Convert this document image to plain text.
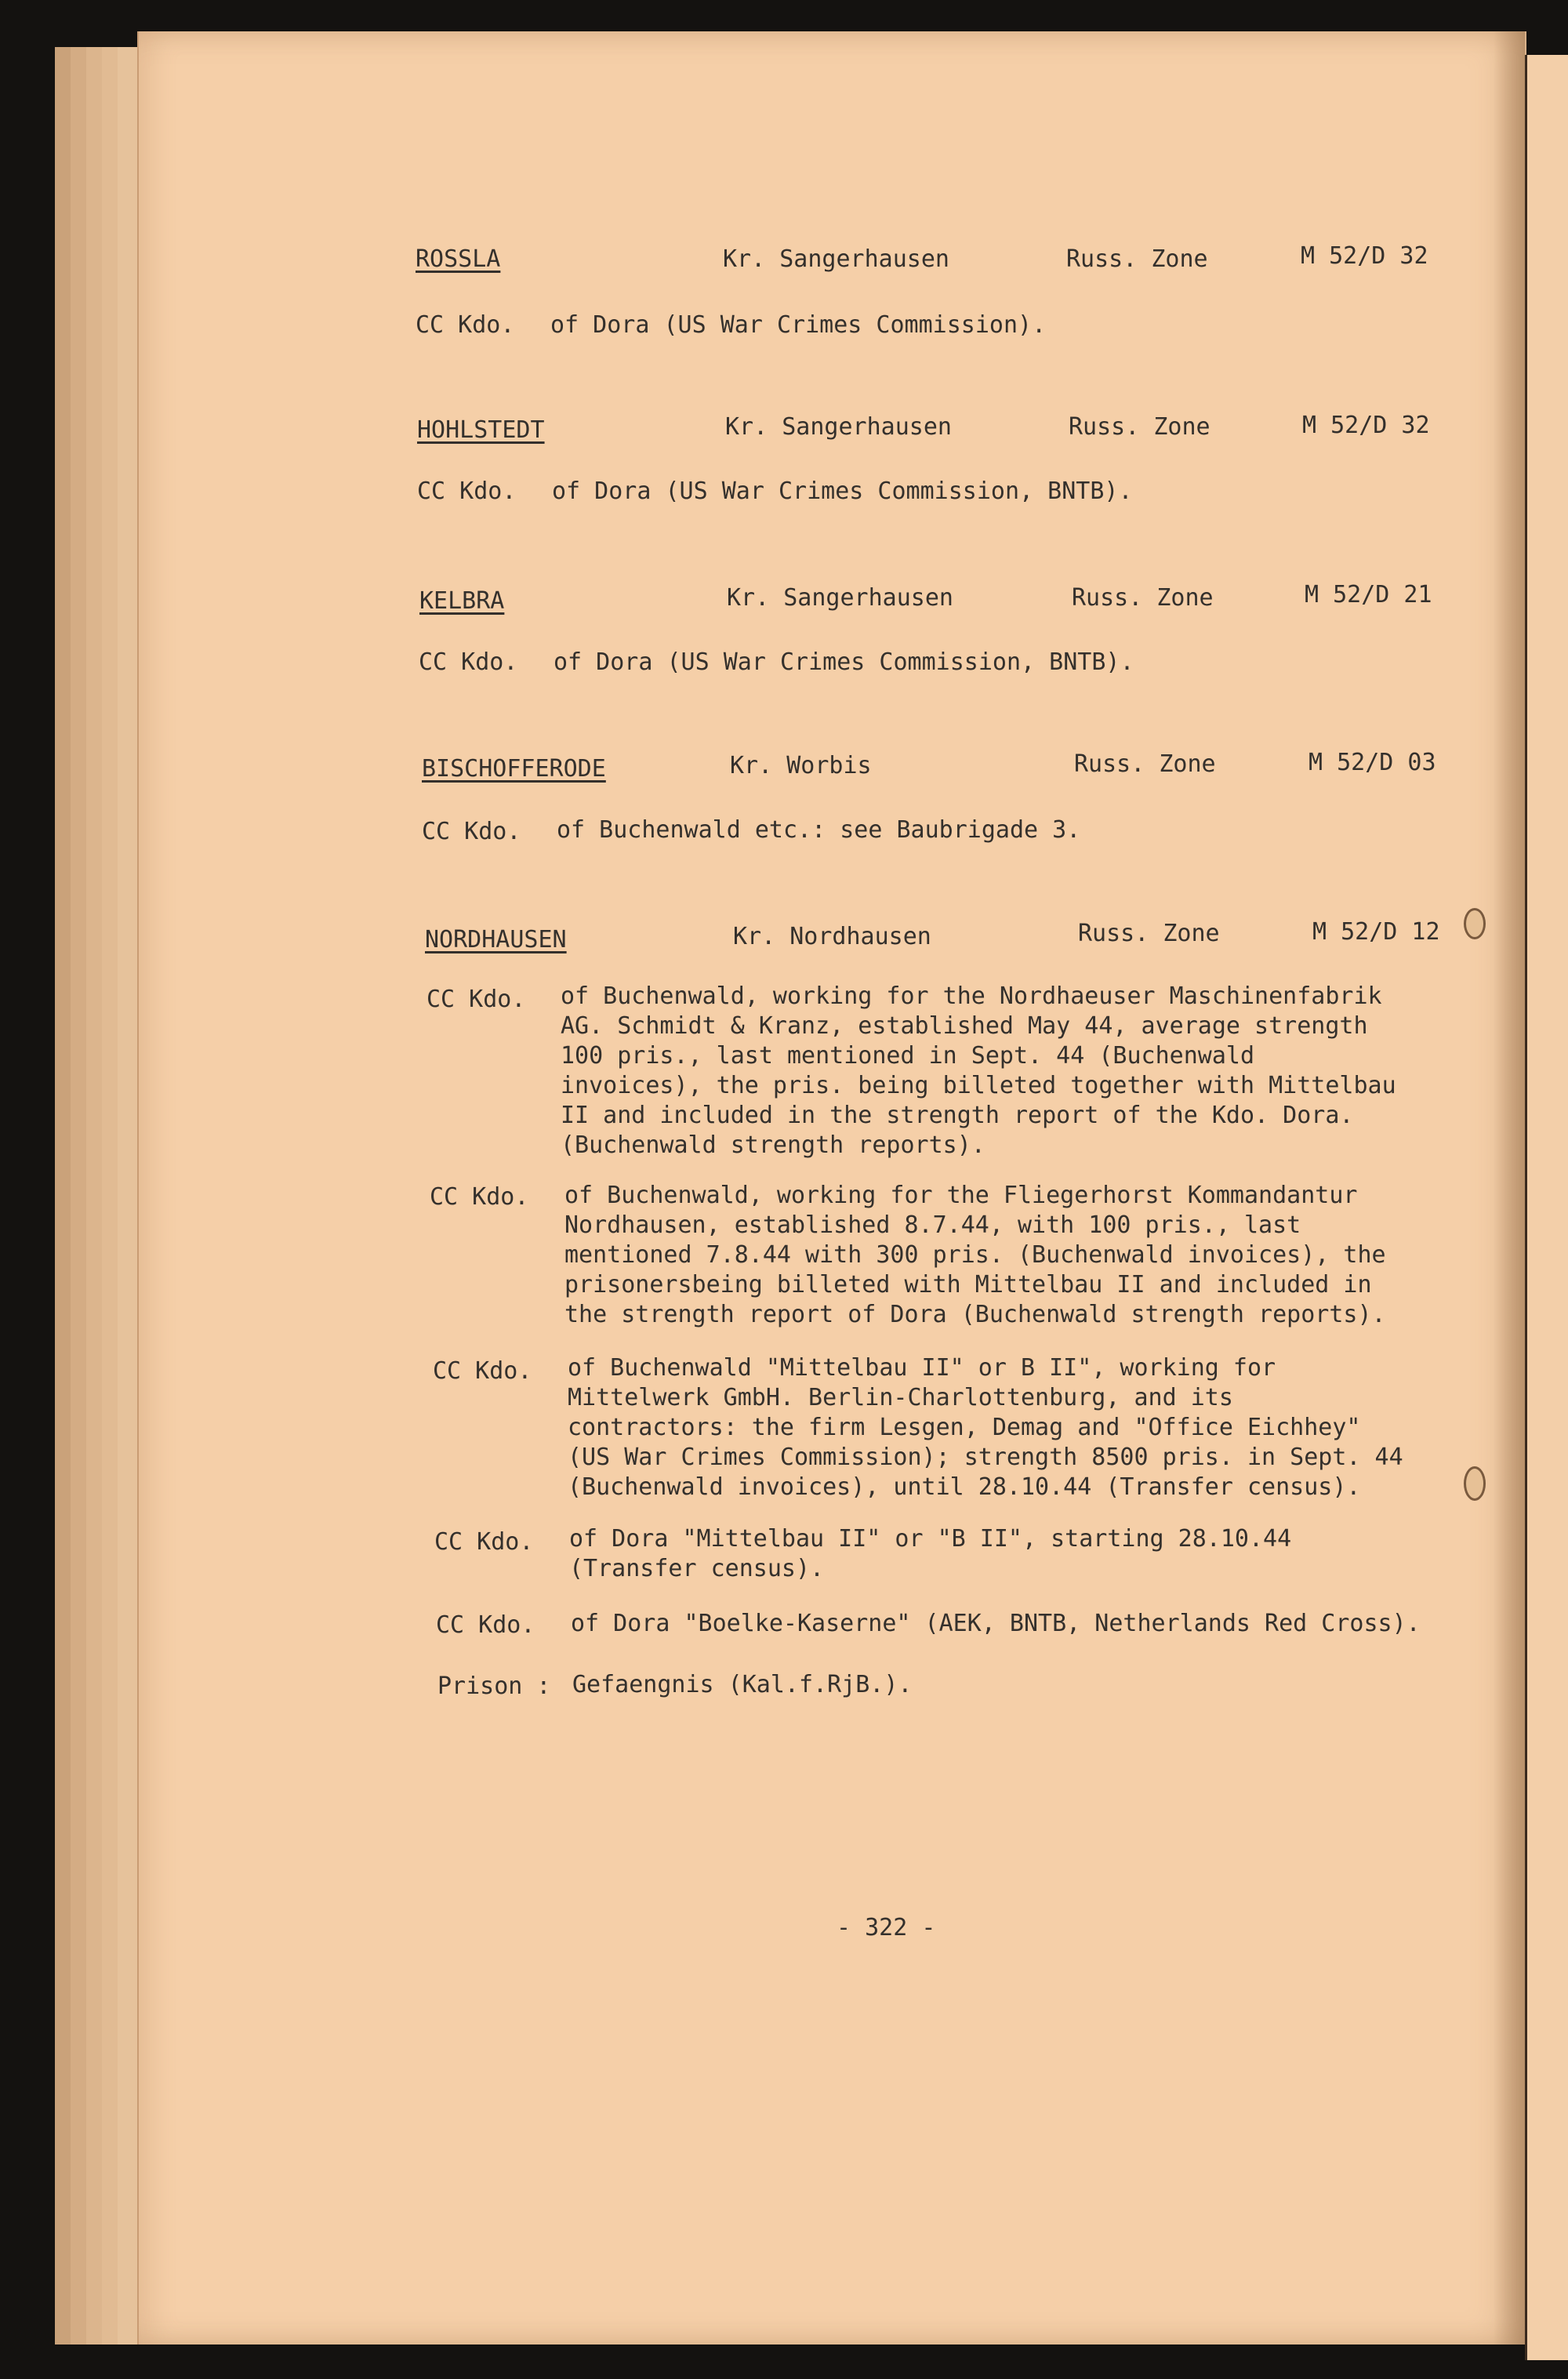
ROSSLA	Kr. Sangerhausen	Russ. Zone	M 52/D 32
CC Kdo. of Dora (US War Crimes Commission).
HOHLSTEDT	Kr. Sangerhausen	Russ. Zone	M 52/D 32
CC Kdo. of Dora (US War Crimes Commission, BNTB).
KELBRA	Kr. Sangerhausen	Russ. Zone	M 52/D 21
CC Kdo. of Dora (US War Crimes Commission, BNTB).
BISCHOFFERODE	Kr. Worbis	Russ. Zone	M 52/D 03
CC Kdo. of Buchenwald etc.: see Baubrigade 3.
NORDHAUSEN	Kr. Nordhausen	Russ. Zone	M 52/D 12
CC Kdo. of Buchenwald, working for the Nordhaeuser Maschinenfabrik AG. Schmidt & Kranz, established May 44, average strength 100 pris., last mentioned in Sept. 44 (Buchenwald invoices), the pris. being billeted together with Mittelbau II and included in the strength report of the Kdo. Dora. (Buchenwald strength reports).
CC Kdo. of Buchenwald, working for the Fliegerhorst Kommandantur Nordhausen, established 8.7.44, with 100 pris., last mentioned 7.8.44 with 300 pris. (Buchenwald invoices), the prisonersbeing billeted with Mittelbau II and included in the strength report of Dora (Buchenwald strength reports).
CC Kdo. of Buchenwald "Mittelbau II" or B II", working for Mittelwerk GmbH. Berlin-Charlottenburg, and its contractors: the firm Lesgen, Demag and "Office Eichhey" (US War Crimes Commission); strength 8500 pris. in Sept. 44 (Buchenwald invoices), until 28.10.44 (Transfer census).
CC Kdo. of Dora "Mittelbau II" or "B II", starting 28.10.44 (Transfer census).
CC Kdo. of Dora "Boelke-Kaserne" (AEK, BNTB, Netherlands Red Cross).
Prison : Gefaengnis (Kal.f.RjB.).
- 322 -
